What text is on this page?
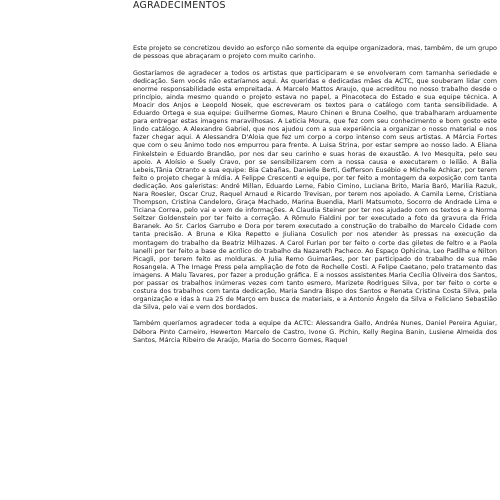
AGRADECIMENTOS

Este projeto se concretizou devido ao esforço não somente da equipe organizadora, mas, também, de um grupo de pessoas que abraçaram o projeto com muito carinho.

Gostaríamos de agradecer a todos os artistas que participaram e se envolveram com tamanha seriedade e dedicação. Sem vocês não estaríamos aqui. Às queridas e dedicadas mães da ACTC, que souberam lidar com enorme responsabilidade esta empreitada. A Marcelo Mattos Araujo, que acreditou no nosso trabalho desde o princípio, ainda mesmo quando o projeto estava no papel, a Pinacoteca do Estado e sua equipe técnica. A Moacir dos Anjos e Leopold Nosek, que escreveram os textos para o catálogo com tanta sensibilidade. A Eduardo Ortega e sua equipe: Guilherme Gomes, Mauro Chinen e Bruna Coelho, que trabalharam arduamente para entregar estas imagens maravilhosas. A Leticia Moura, que fez com seu conhecimento e bom gosto este lindo catálogo. A Alexandre Gabriel, que nos ajudou com a sua experiência a organizar o nosso material e nos fazer chegar aqui. A Alessandra D'Aloia que fez um corpo a corpo intenso com seus artistas. A Márcia Fortes que com o seu ânimo todo nos empurrou para frente. A Luisa Strina, por estar sempre ao nosso lado. A Eliana Finkelstein e Eduardo Brandão, por nos dar seu carinho e suas horas de exaustão. A Ivo Mesquita, pelo seu apoio. A Aloísio e Suely Cravo, por se sensibilizarem com a nossa causa e executarem o leilão. A Balia Lebeis,Tânia Otranto e sua equipe: Bia Cabañas, Danielle Berti, Gefferson Eusébio e Michelle Achkar, por terem feito o projeto chegar à mídia. A Felippe Crescenti e equipe, por ter feito a montagem da exposição com tanta dedicação. Aos galeristas: André Millan, Eduardo Leme, Fabio Cimino, Luciana Brito, Maria Baró, Marilia Razuk, Nara Roesler, Oscar Cruz, Raquel Arnaud e Ricardo Trevisan, por terem nos apoiado. A Camila Leme, Cristiana Thompson, Cristina Candeloro, Graça Machado, Marina Buendia, Marli Matsumoto, Socorro de Andrade Lima e Ticiana Correa, pelo vai e vem de informações. A Claudia Steiner por ter nos ajudado com os textos e a Norma Seltzer Goldenstein por ter feito a correção. A Rômulo Fialdini por ter executado a foto da gravura da Frida Baranek. Ao Sr. Carlos Garrubo e Dora por terem executado a construção do trabalho do Marcelo Cidade com tanta precisão. A Bruna e Kika Repetto e Jiuliana Cosulich por nos atender às pressas na execução da montagem do trabalho da Beatriz Milhazes. A Carol Furlan por ter feito o corte das giletes de feltro e a Paola Ianelli por ter feito a base de acrílico do trabalho da Nazareth Pacheco. Ao Espaço Ophicina, Leo Padilha e Nilton Picagli, por terem feito as molduras. A Julia Remo Guimarães, por ter participado do trabalho de sua mãe Rosangela. A The Image Press pela ampliação de foto de Rochelle Costi. A Felipe Caetano, pelo tratamento das imagens. A Malu Tavares, por fazer a produção gráfica. E a nossos assistentes Maria Cecília Oliveira dos Santos, por passar os trabalhos inúmeras vezes com tanto esmero, Marizete Rodrigues Silva, por ter feito o corte e costura dos trabalhos com tanta dedicação, Maria Sandra Bispo dos Santos e Renata Cristina Costa Silva, pela organização e idas à rua 25 de Março em busca de materiais, e a Antonio Ângelo da Silva e Feliciano Sebastião da Silva, pelo vai e vem dos bordados.

Também queríamos agradecer toda a equipe da ACTC: Alessandra Gallo, Andréa Nunes, Daniel Pereira Aguiar, Débora Pinto Carneiro, Hewerton Marcelo de Castro, Ivone G. Pichin, Kelly Regina Banin, Lusiene Almeida dos Santos, Márcia Ribeiro de Araújo, Maria do Socorro Gomes, Raquel
